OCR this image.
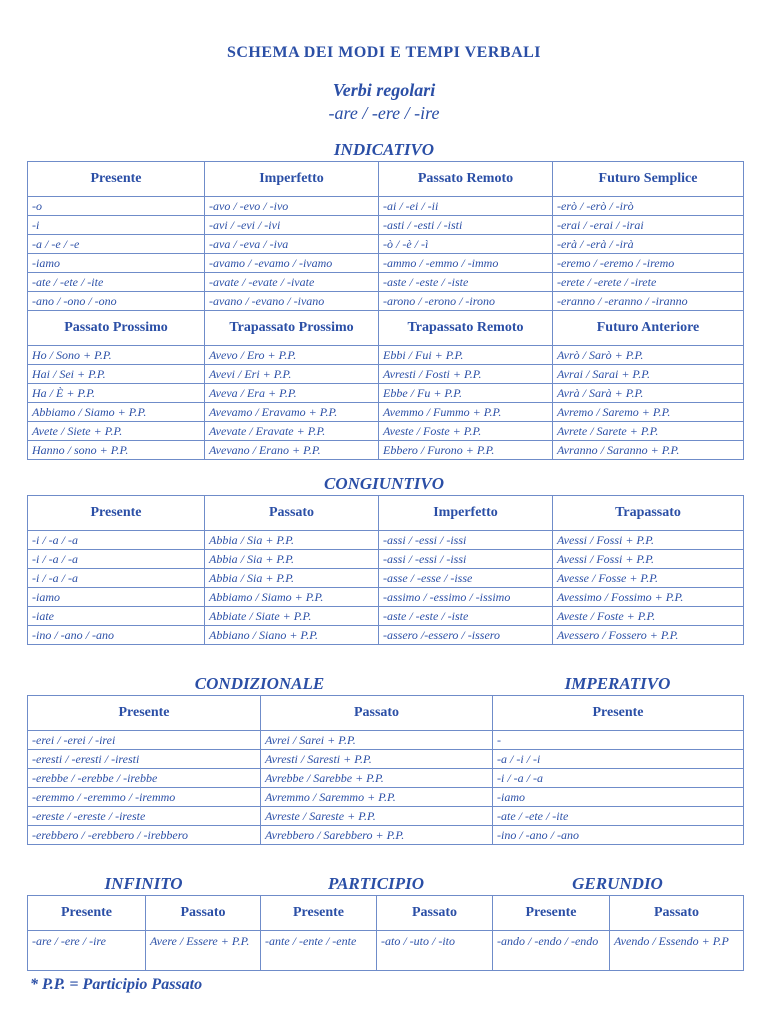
SCHEMA DEI MODI E TEMPI VERBALI
Verbi regolari
-are / -ere / -ire
INDICATIVO
Presente	Imperfetto	Passato Remoto	Futuro Semplice
-o	-avo / -evo / -ivo	-ai / -ei / -ii	-erò / -erò / -irò
-i	-avi / -evi / -ivi	-asti / -esti / -isti	-erai / -erai / -irai
-a / -e / -e	-ava / -eva / -iva	-ò / -è / -ì	-erà / -erà / -irà
-iamo	-avamo / -evamo / -ivamo	-ammo / -emmo / -immo	-eremo / -eremo / -iremo
-ate / -ete / -ite	-avate / -evate / -ivate	-aste / -este / -iste	-erete / -erete / -irete
-ano / -ono / -ono	-avano / -evano / -ivano	-arono / -erono / -irono	-eranno / -eranno / -iranno
Passato Prossimo	Trapassato Prossimo	Trapassato Remoto	Futuro Anteriore
Ho / Sono + P.P.	Avevo / Ero + P.P.	Ebbi / Fui + P.P.	Avrò / Sarò + P.P.
Hai / Sei + P.P.	Avevi / Eri + P.P.	Avresti / Fosti + P.P.	Avrai / Sarai + P.P.
Ha / È + P.P.	Aveva / Era + P.P.	Ebbe / Fu + P.P.	Avrà / Sarà + P.P.
Abbiamo / Siamo + P.P.	Avevamo / Eravamo + P.P.	Avemmo / Fummo + P.P.	Avremo / Saremo + P.P.
Avete / Siete + P.P.	Avevate / Eravate + P.P.	Aveste / Foste + P.P.	Avrete / Sarete + P.P.
Hanno / sono + P.P.	Avevano / Erano + P.P.	Ebbero / Furono + P.P.	Avranno / Saranno + P.P.
CONGIUNTIVO
Presente	Passato	Imperfetto	Trapassato
-i / -a / -a	Abbia / Sia + P.P.	-assi / -essi / -issi	Avessi / Fossi + P.P.
-i / -a / -a	Abbia / Sia + P.P.	-assi / -essi / -issi	Avessi / Fossi + P.P.
-i / -a / -a	Abbia / Sia + P.P.	-asse / -esse / -isse	Avesse / Fosse + P.P.
-iamo	Abbiamo / Siamo + P.P.	-assimo / -essimo / -issimo	Avessimo / Fossimo + P.P.
-iate	Abbiate / Siate + P.P.	-aste / -este / -iste	Aveste / Foste + P.P.
-ino / -ano / -ano	Abbiano / Siano + P.P.	-assero /-essero / -issero	Avessero / Fossero + P.P.
CONDIZIONALE	IMPERATIVO
Presente	Passato	Presente
-erei / -erei / -irei	Avrei / Sarei + P.P.	-
-eresti / -eresti / -iresti	Avresti / Saresti + P.P.	-a / -i / -i
-erebbe / -erebbe / -irebbe	Avrebbe / Sarebbe + P.P.	-i / -a / -a
-eremmo / -eremmo / -iremmo	Avremmo / Saremmo + P.P.	-iamo
-ereste / -ereste / -ireste	Avreste / Sareste + P.P.	-ate / -ete / -ite
-erebbero / -erebbero / -irebbero	Avrebbero / Sarebbero + P.P.	-ino / -ano / -ano
INFINITO	PARTICIPIO	GERUNDIO
Presente	Passato	Presente	Passato	Presente	Passato
-are / -ere / -ire	Avere / Essere + P.P.	-ante / -ente / -ente	-ato / -uto / -ito	-ando / -endo / -endo	Avendo / Essendo + P.P
* P.P. = Participio Passato
